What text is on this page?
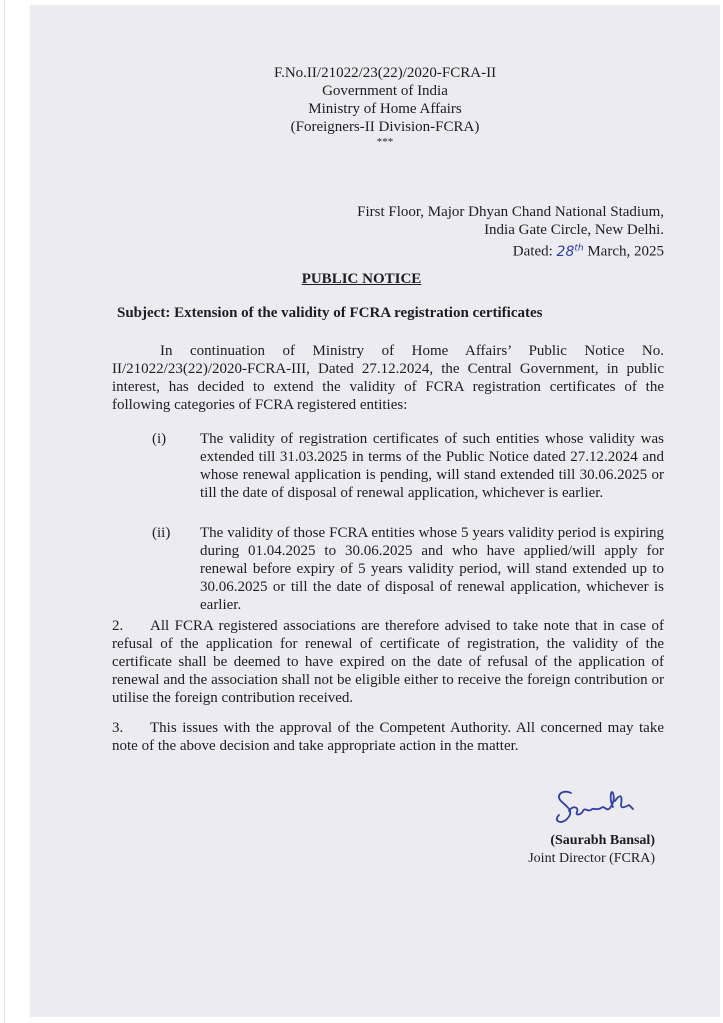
F.No.II/21022/23(22)/2020-FCRA-II
Government of India
Ministry of Home Affairs
(Foreigners-II Division-FCRA)
***
First Floor, Major Dhyan Chand National Stadium,
India Gate Circle, New Delhi.
Dated: 28th March, 2025
PUBLIC NOTICE
Subject: Extension of the validity of FCRA registration certificates
In continuation of Ministry of Home Affairs’ Public Notice No. II/21022/23(22)/2020-FCRA-III, Dated 27.12.2024, the Central Government, in public interest, has decided to extend the validity of FCRA registration certificates of the following categories of FCRA registered entities:
(i) The validity of registration certificates of such entities whose validity was extended till 31.03.2025 in terms of the Public Notice dated 27.12.2024 and whose renewal application is pending, will stand extended till 30.06.2025 or till the date of disposal of renewal application, whichever is earlier.
(ii) The validity of those FCRA entities whose 5 years validity period is expiring during 01.04.2025 to 30.06.2025 and who have applied/will apply for renewal before expiry of 5 years validity period, will stand extended up to 30.06.2025 or till the date of disposal of renewal application, whichever is earlier.
2. All FCRA registered associations are therefore advised to take note that in case of refusal of the application for renewal of certificate of registration, the validity of the certificate shall be deemed to have expired on the date of refusal of the application of renewal and the association shall not be eligible either to receive the foreign contribution or utilise the foreign contribution received.
3. This issues with the approval of the Competent Authority. All concerned may take note of the above decision and take appropriate action in the matter.
(Saurabh Bansal)
Joint Director (FCRA)
